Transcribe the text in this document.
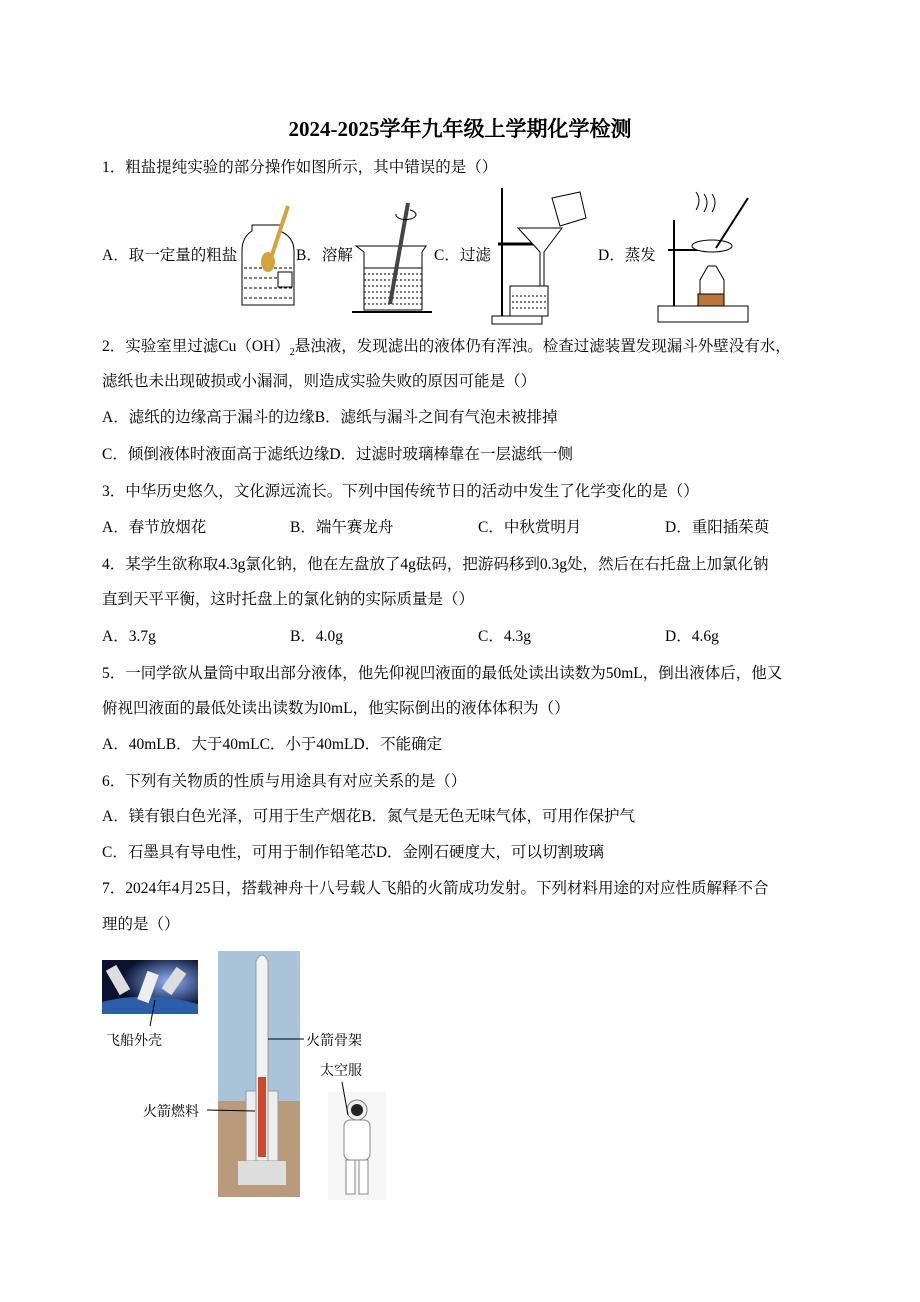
2024-2025学年九年级上学期化学检测
1．粗盐提纯实验的部分操作如图所示，其中错误的是（）
A．取一定量的粗盐	B．溶解	C．过滤	D．蒸发
2．实验室里过滤$Cu(OH)_2$悬浊液，发现滤出的液体仍有浑浊。检查过滤装置发现漏斗外壁没有水，
滤纸也未出现破损或小漏洞，则造成实验失败的原因可能是（）
A．滤纸的边缘高于漏斗的边缘B．滤纸与漏斗之间有气泡未被排掉
C．倾倒液体时液面高于滤纸边缘D．过滤时玻璃棒靠在一层滤纸一侧
3．中华历史悠久，文化源远流长。下列中国传统节日的活动中发生了化学变化的是（）
A．春节放烟花	B．端午赛龙舟	C．中秋赏明月	D．重阳插茱萸
4．某学生欲称取4.3g氯化钠，他在左盘放了4g砝码，把游码移到0.3g处，然后在右托盘上加氯化钠
直到天平平衡，这时托盘上的氯化钠的实际质量是（）
A．3.7g	B．4.0g	C．4.3g	D．4.6g
5．一同学欲从量筒中取出部分液体，他先仰视凹液面的最低处读出读数为50mL，倒出液体后，他又
俯视凹液面的最低处读出读数为l0mL，他实际倒出的液体体积为（）
A．40mLB．大于40mLC．小于40mLD．不能确定
6．下列有关物质的性质与用途具有对应关系的是（）
A．镁有银白色光泽，可用于生产烟花B．氮气是无色无味气体，可用作保护气
C．石墨具有导电性，可用于制作铅笔芯D．金刚石硬度大，可以切割玻璃
7．2024年4月25日，搭载神舟十八号载人飞船的火箭成功发射。下列材料用途的对应性质解释不合
理的是（）
飞船外壳	火箭骨架
火箭燃料
太空服
